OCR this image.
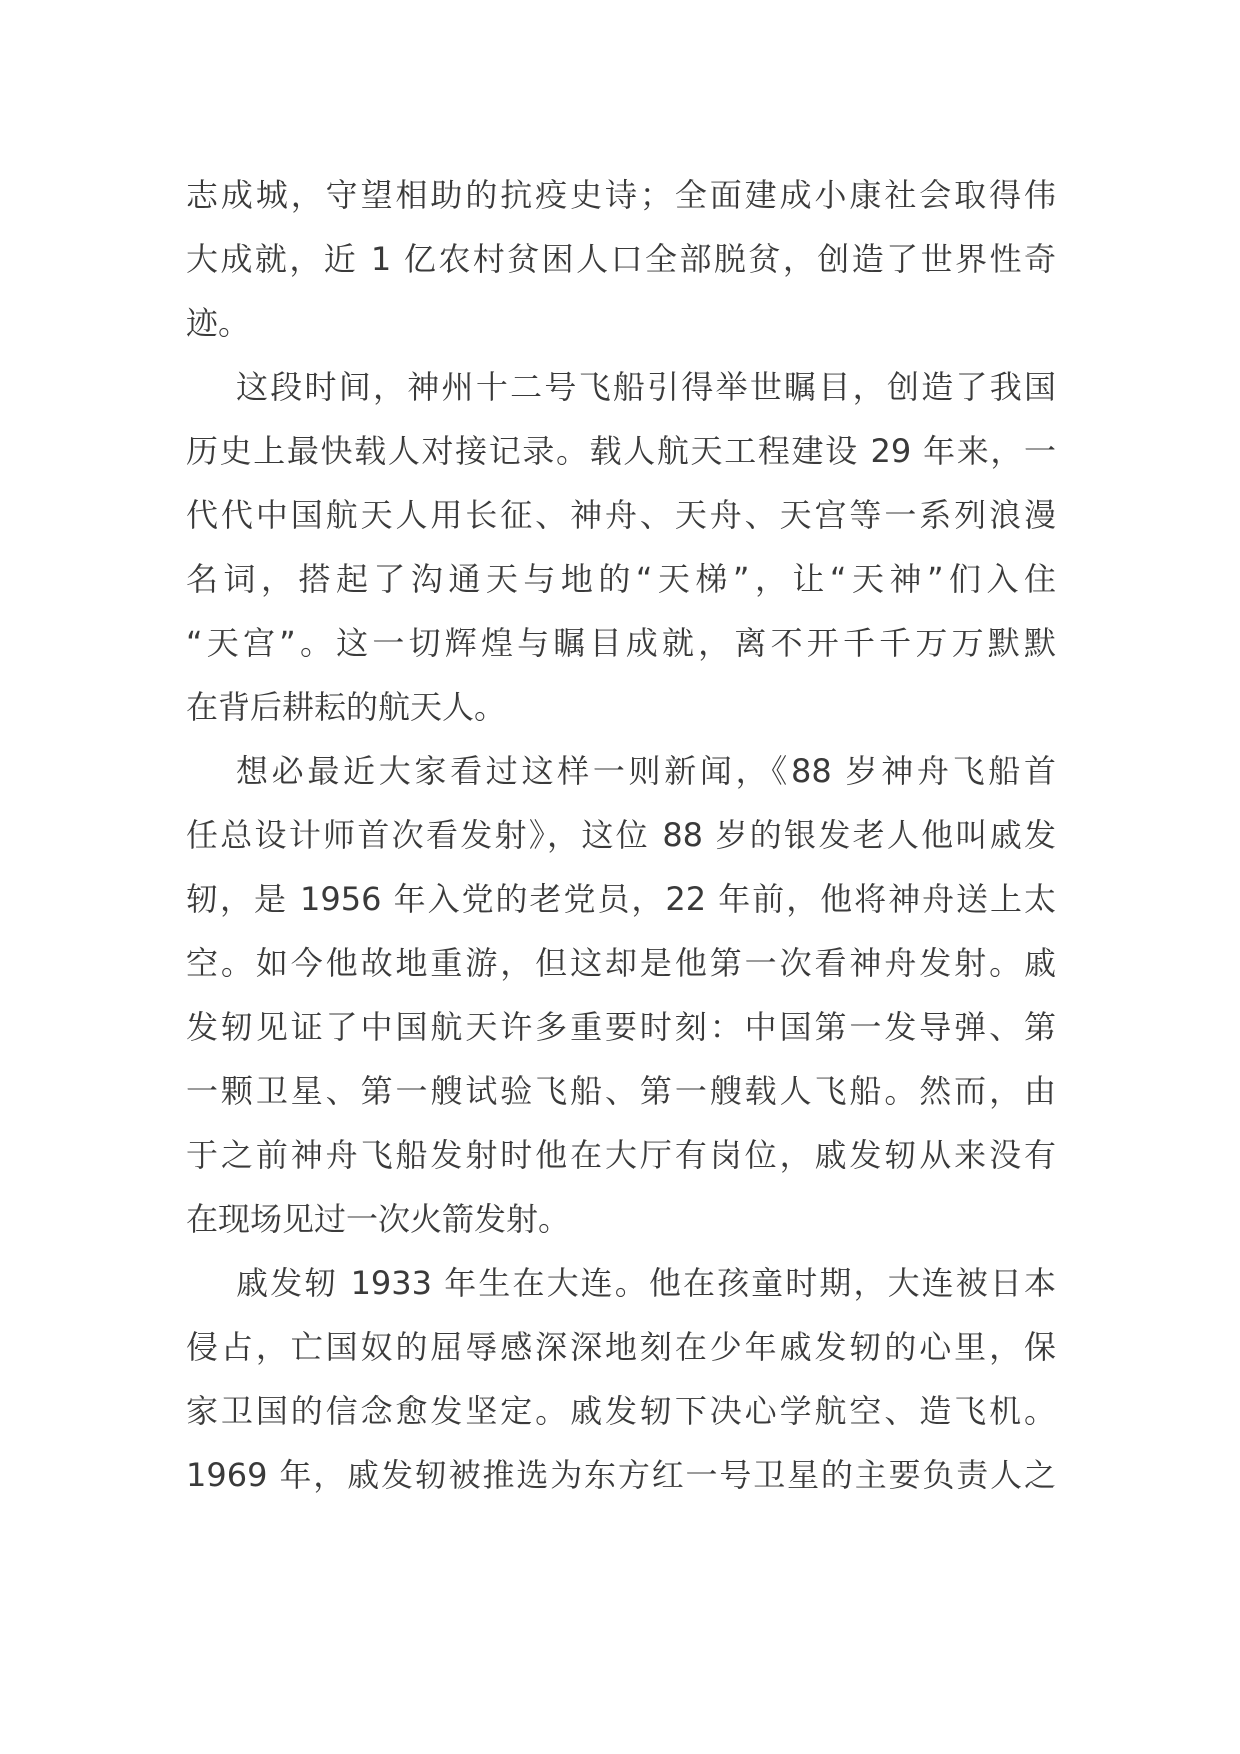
志成城，守望相助的抗疫史诗；全面建成小康社会取得伟
大成就，近 1 亿农村贫困人口全部脱贫，创造了世界性奇
迹。
这段时间，神州十二号飞船引得举世瞩目，创造了我国
历史上最快载人对接记录。载人航天工程建设 29 年来，一
代代中国航天人用长征、神舟、天舟、天宫等一系列浪漫
名词，搭起了沟通天与地的“天梯”，让“天神”们入住
“天宫”。这一切辉煌与瞩目成就，离不开千千万万默默
在背后耕耘的航天人。
想必最近大家看过这样一则新闻，《88 岁神舟飞船首
任总设计师首次看发射》，这位 88 岁的银发老人他叫戚发
轫，是 1956 年入党的老党员，22 年前，他将神舟送上太
空。如今他故地重游，但这却是他第一次看神舟发射。戚
发轫见证了中国航天许多重要时刻：中国第一发导弹、第
一颗卫星、第一艘试验飞船、第一艘载人飞船。然而，由
于之前神舟飞船发射时他在大厅有岗位，戚发轫从来没有
在现场见过一次火箭发射。
戚发轫 1933 年生在大连。他在孩童时期，大连被日本
侵占，亡国奴的屈辱感深深地刻在少年戚发轫的心里，保
家卫国的信念愈发坚定。戚发轫下决心学航空、造飞机。
1969 年，戚发轫被推选为东方红一号卫星的主要负责人之
